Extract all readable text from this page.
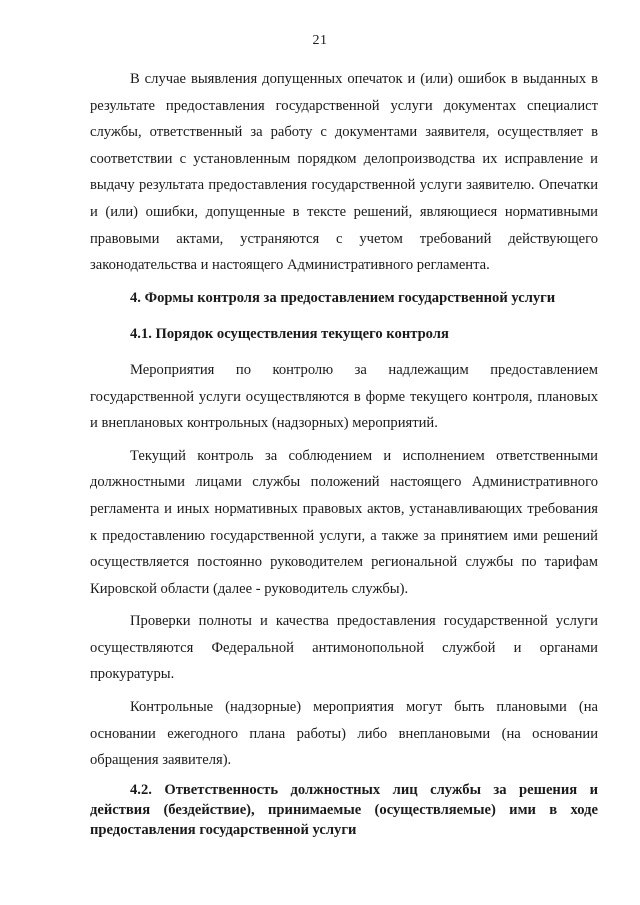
21

В случае выявления допущенных опечаток и (или) ошибок в выданных в результате предоставления государственной услуги документах специалист службы, ответственный за работу с документами заявителя, осуществляет в соответствии с установленным порядком делопроизводства их исправление и выдачу результата предоставления государственной услуги заявителю. Опечатки и (или) ошибки, допущенные в тексте решений, являющиеся нормативными правовыми актами, устраняются с учетом требований действующего законодательства и настоящего Административного регламента.

4. Формы контроля за предоставлением государственной услуги

4.1. Порядок осуществления текущего контроля

Мероприятия по контролю за надлежащим предоставлением государственной услуги осуществляются в форме текущего контроля, плановых и внеплановых контрольных (надзорных) мероприятий.

Текущий контроль за соблюдением и исполнением ответственными должностными лицами службы положений настоящего Административного регламента и иных нормативных правовых актов, устанавливающих требования к предоставлению государственной услуги, а также за принятием ими решений осуществляется постоянно руководителем региональной службы по тарифам Кировской области (далее - руководитель службы).

Проверки полноты и качества предоставления государственной услуги осуществляются Федеральной антимонопольной службой и органами прокуратуры.

Контрольные (надзорные) мероприятия могут быть плановыми (на основании ежегодного плана работы) либо внеплановыми (на основании обращения заявителя).

4.2. Ответственность должностных лиц службы за решения и действия (бездействие), принимаемые (осуществляемые) ими в ходе предоставления государственной услуги
